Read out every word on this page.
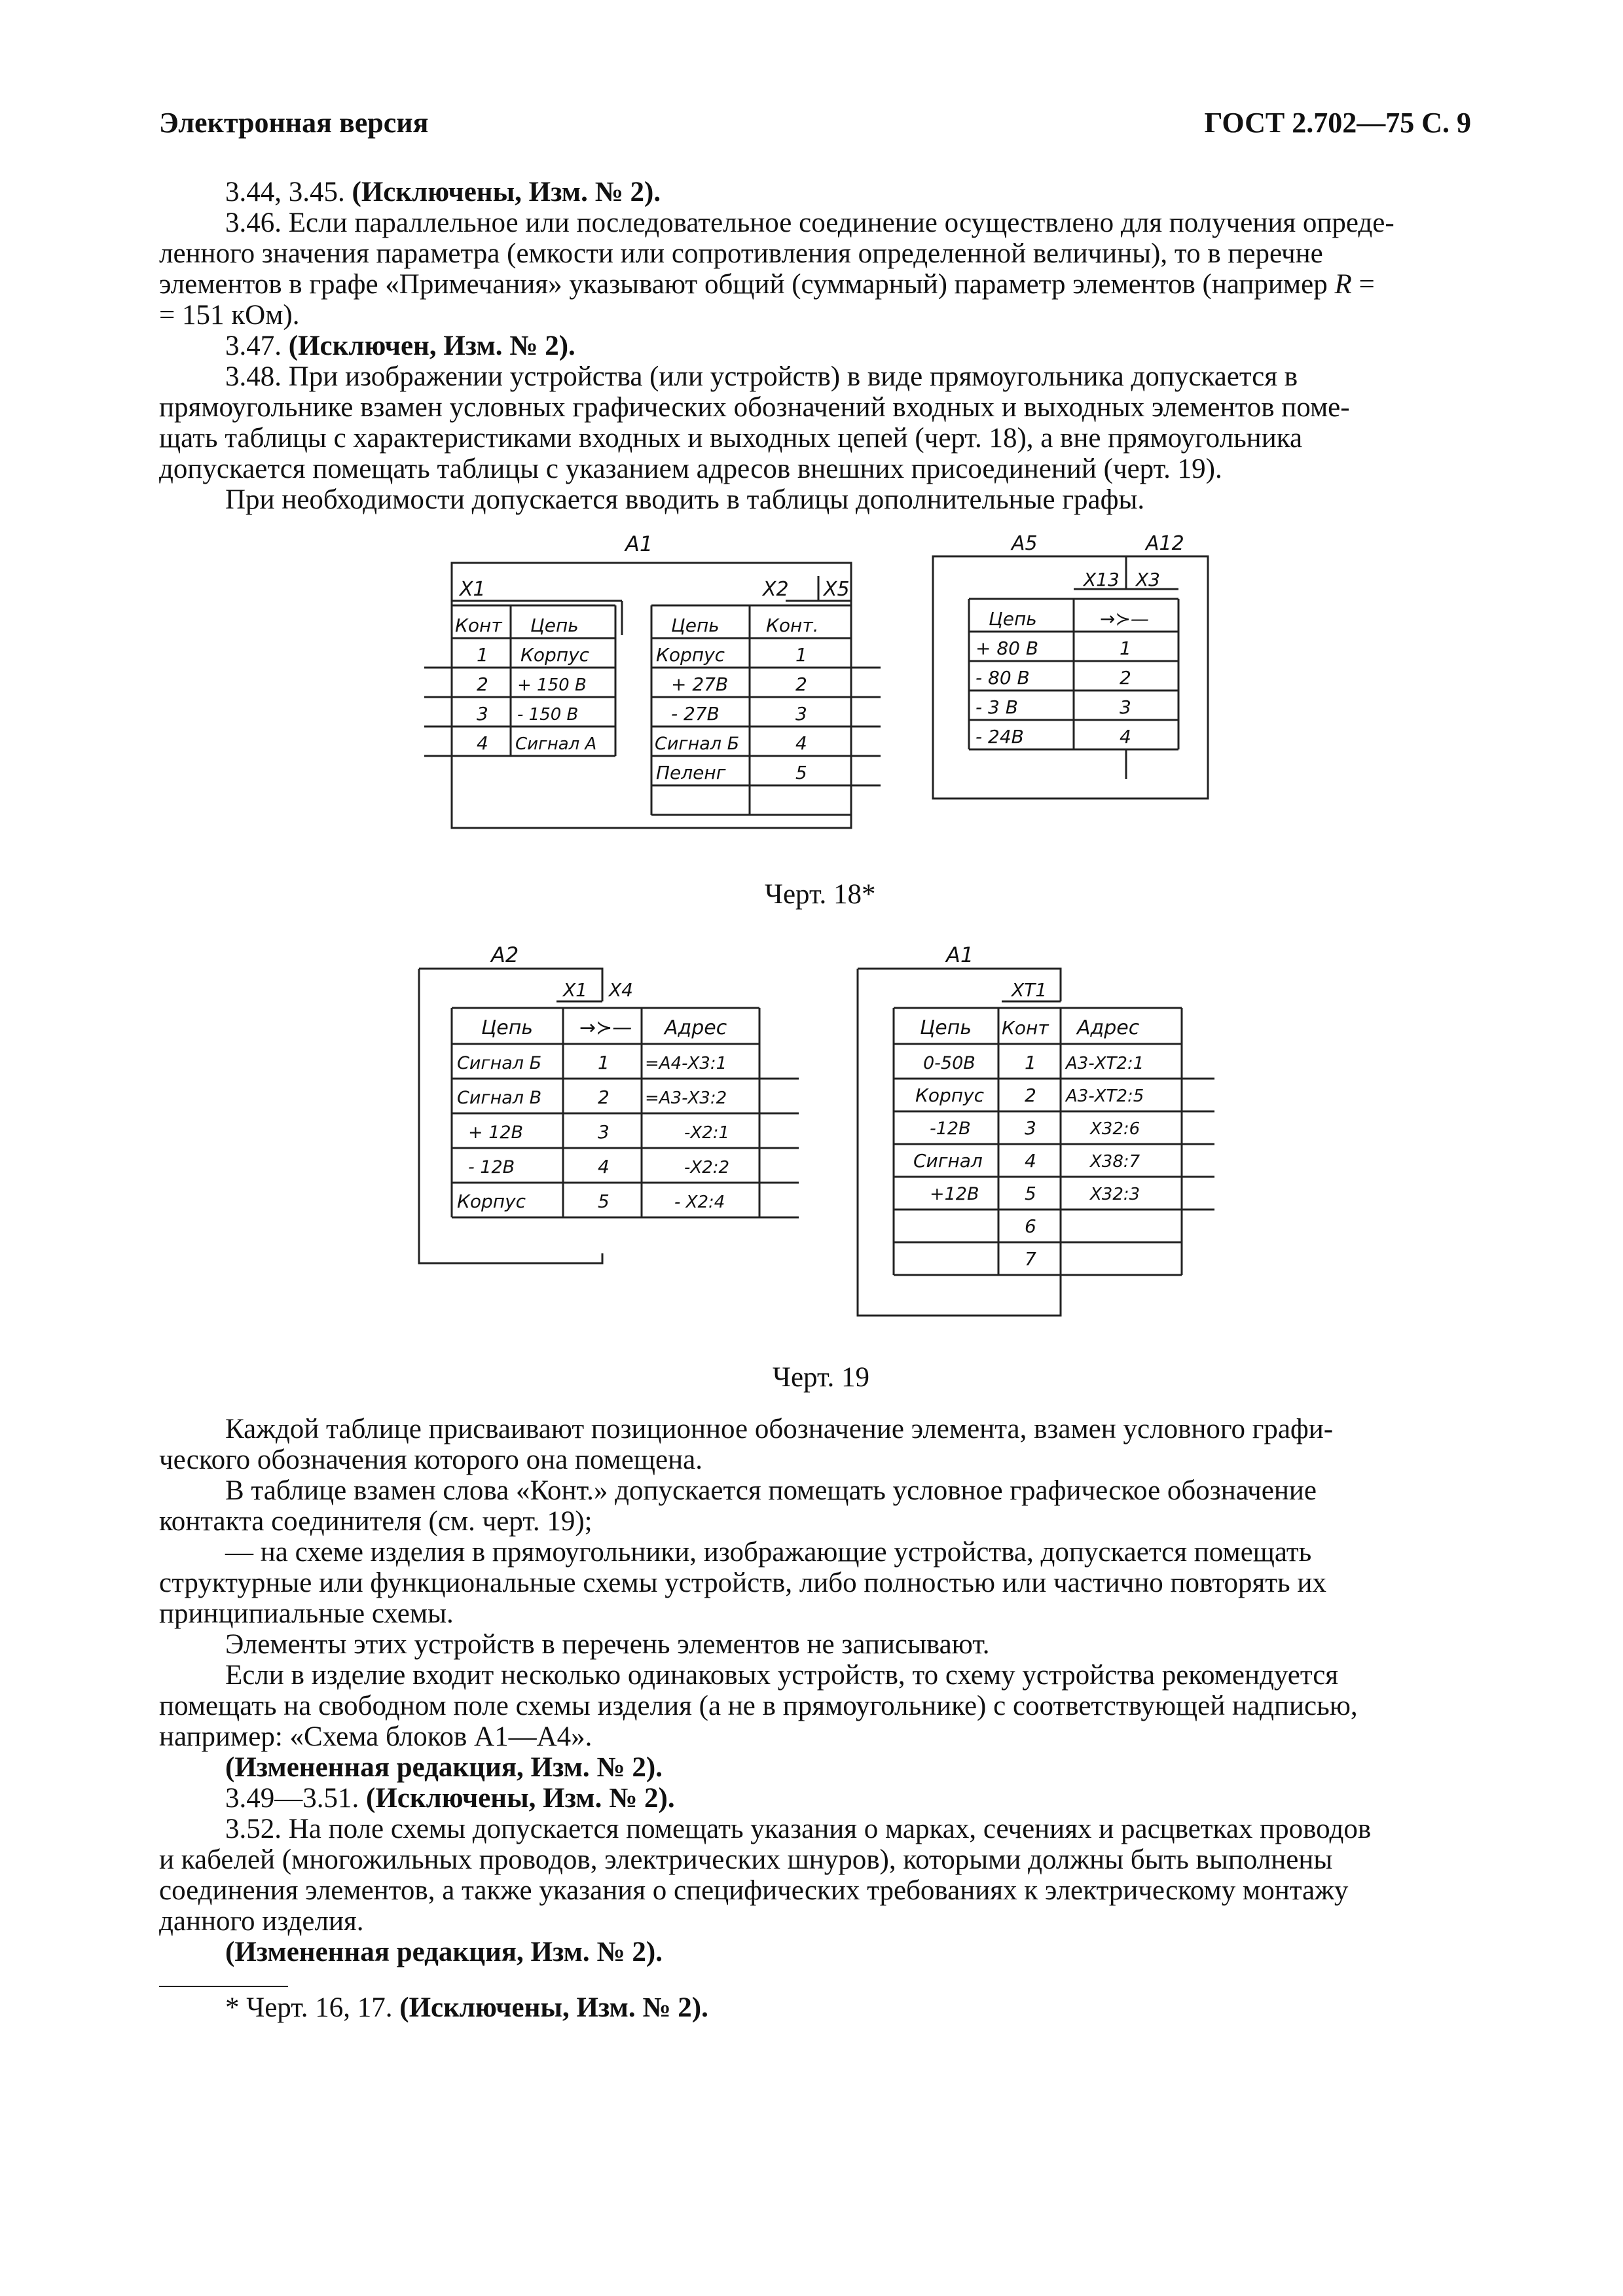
Электронная версия	ГОСТ 2.702—75 С. 9
3.44, 3.45. (Исключены, Изм. № 2).
3.46. Если параллельное или последовательное соединение осуществлено для получения опреде-
ленного значения параметра (емкости или сопротивления определенной величины), то в перечне
элементов в графе «Примечания» указывают общий (суммарный) параметр элементов (например R =
= 151 кОм).
3.47. (Исключен, Изм. № 2).
3.48. При изображении устройства (или устройств) в виде прямоугольника допускается в
прямоугольнике взамен условных графических обозначений входных и выходных элементов поме-
щать таблицы с характеристиками входных и выходных цепей (черт. 18), а вне прямоугольника
допускается помещать таблицы с указанием адресов внешних присоединений (черт. 19).
При необходимости допускается вводить в таблицы дополнительные графы.
А1
Х1	Х2 Х5
Конт Цепь
1 Корпус
2 + 150 В
3 - 150 В
4 Сигнал А
Цепь	Конт.
Корпус	1
+ 27В	2
- 27В	3
Сигнал Б	4
Пеленг	5
А5	А12
Х13 Х3
Цепь	→≻—
+ 80 В	1
- 80 В	2
- 3 В	3
- 24В	4
Черт. 18*
А2
Х1 Х4
Цепь →≻— Адрес
Сигнал Б	1 =А4-Х3:1
Сигнал В	2 =А3-Х3:2
+ 12В	3	-Х2:1
- 12В	4	-Х2:2
Корпус	5	- Х2:4
А1
ХТ1
Цепь Конт Адрес
0-50В	1 А3-ХТ2:1
Корпус 2 А3-ХТ2:5
-12В	3	Х32:6
Сигнал 4	Х38:7
+12В 5	Х32:3
6
7
Черт. 19
Каждой таблице присваивают позиционное обозначение элемента, взамен условного графи-
ческого обозначения которого она помещена.
В таблице взамен слова «Конт.» допускается помещать условное графическое обозначение
контакта соединителя (см. черт. 19);
— на схеме изделия в прямоугольники, изображающие устройства, допускается помещать
структурные или функциональные схемы устройств, либо полностью или частично повторять их
принципиальные схемы.
Элементы этих устройств в перечень элементов не записывают.
Если в изделие входит несколько одинаковых устройств, то схему устройства рекомендуется
помещать на свободном поле схемы изделия (а не в прямоугольнике) с соответствующей надписью,
например: «Схема блоков А1—А4».
(Измененная редакция, Изм. № 2).
3.49—3.51. (Исключены, Изм. № 2).
3.52. На поле схемы допускается помещать указания о марках, сечениях и расцветках проводов
и кабелей (многожильных проводов, электрических шнуров), которыми должны быть выполнены
соединения элементов, а также указания о специфических требованиях к электрическому монтажу
данного изделия.
(Измененная редакция, Изм. № 2).
* Черт. 16, 17. (Исключены, Изм. № 2).
